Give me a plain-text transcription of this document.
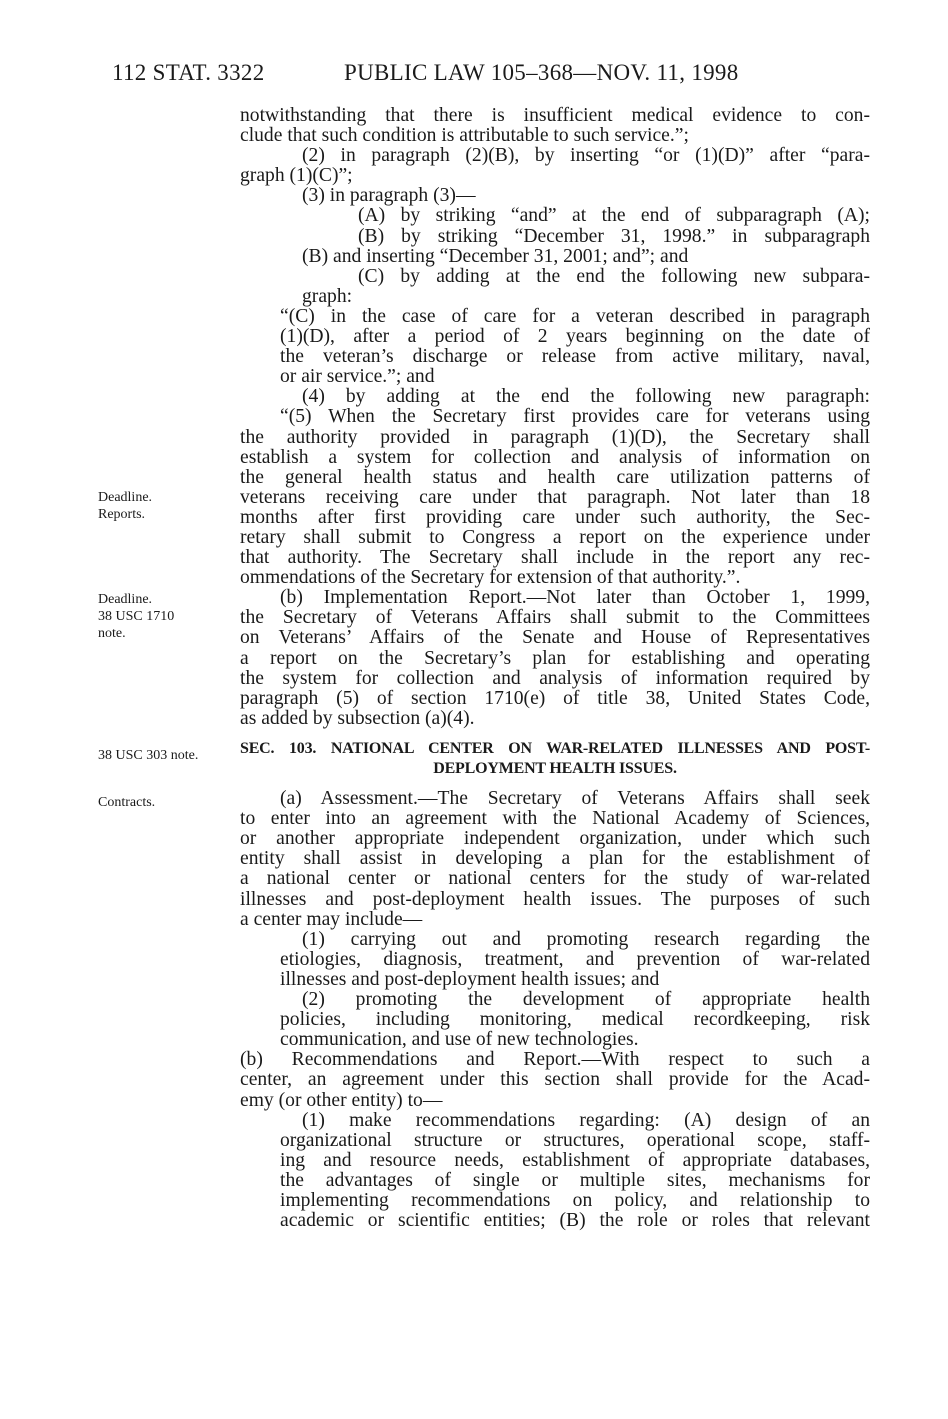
112 STAT. 3322	PUBLIC LAW 105–368—NOV. 11, 1998
Deadline.
Reports.
Deadline.
38 USC 1710
note.
38 USC 303 note.
Contracts.
notwithstanding that there is insufficient medical evidence to con-
clude that such condition is attributable to such service.”;
(2) in paragraph (2)(B), by inserting “or (1)(D)” after “para-
graph (1)(C)”;
(3) in paragraph (3)—
(A) by striking “and” at the end of subparagraph (A);
(B) by striking “December 31, 1998.” in subparagraph
(B) and inserting “December 31, 2001; and”; and
(C) by adding at the end the following new subpara-
graph:
“(C) in the case of care for a veteran described in paragraph
(1)(D), after a period of 2 years beginning on the date of
the veteran’s discharge or release from active military, naval,
or air service.”; and
(4) by adding at the end the following new paragraph:
“(5) When the Secretary first provides care for veterans using
the authority provided in paragraph (1)(D), the Secretary shall
establish a system for collection and analysis of information on
the general health status and health care utilization patterns of
veterans receiving care under that paragraph. Not later than 18
months after first providing care under such authority, the Sec-
retary shall submit to Congress a report on the experience under
that authority. The Secretary shall include in the report any rec-
ommendations of the Secretary for extension of that authority.”.
(b) Implementation Report.—Not later than October 1, 1999,
the Secretary of Veterans Affairs shall submit to the Committees
on Veterans’ Affairs of the Senate and House of Representatives
a report on the Secretary’s plan for establishing and operating
the system for collection and analysis of information required by
paragraph (5) of section 1710(e) of title 38, United States Code,
as added by subsection (a)(4).
SEC. 103. NATIONAL CENTER ON WAR-RELATED ILLNESSES AND POST-
DEPLOYMENT HEALTH ISSUES.
(a) Assessment.—The Secretary of Veterans Affairs shall seek
to enter into an agreement with the National Academy of Sciences,
or another appropriate independent organization, under which such
entity shall assist in developing a plan for the establishment of
a national center or national centers for the study of war-related
illnesses and post-deployment health issues. The purposes of such
a center may include—
(1) carrying out and promoting research regarding the
etiologies, diagnosis, treatment, and prevention of war-related
illnesses and post-deployment health issues; and
(2) promoting the development of appropriate health
policies, including monitoring, medical recordkeeping, risk
communication, and use of new technologies.
(b) Recommendations and Report.—With respect to such a
center, an agreement under this section shall provide for the Acad-
emy (or other entity) to—
(1) make recommendations regarding: (A) design of an
organizational structure or structures, operational scope, staff-
ing and resource needs, establishment of appropriate databases,
the advantages of single or multiple sites, mechanisms for
implementing recommendations on policy, and relationship to
academic or scientific entities; (B) the role or roles that relevant
